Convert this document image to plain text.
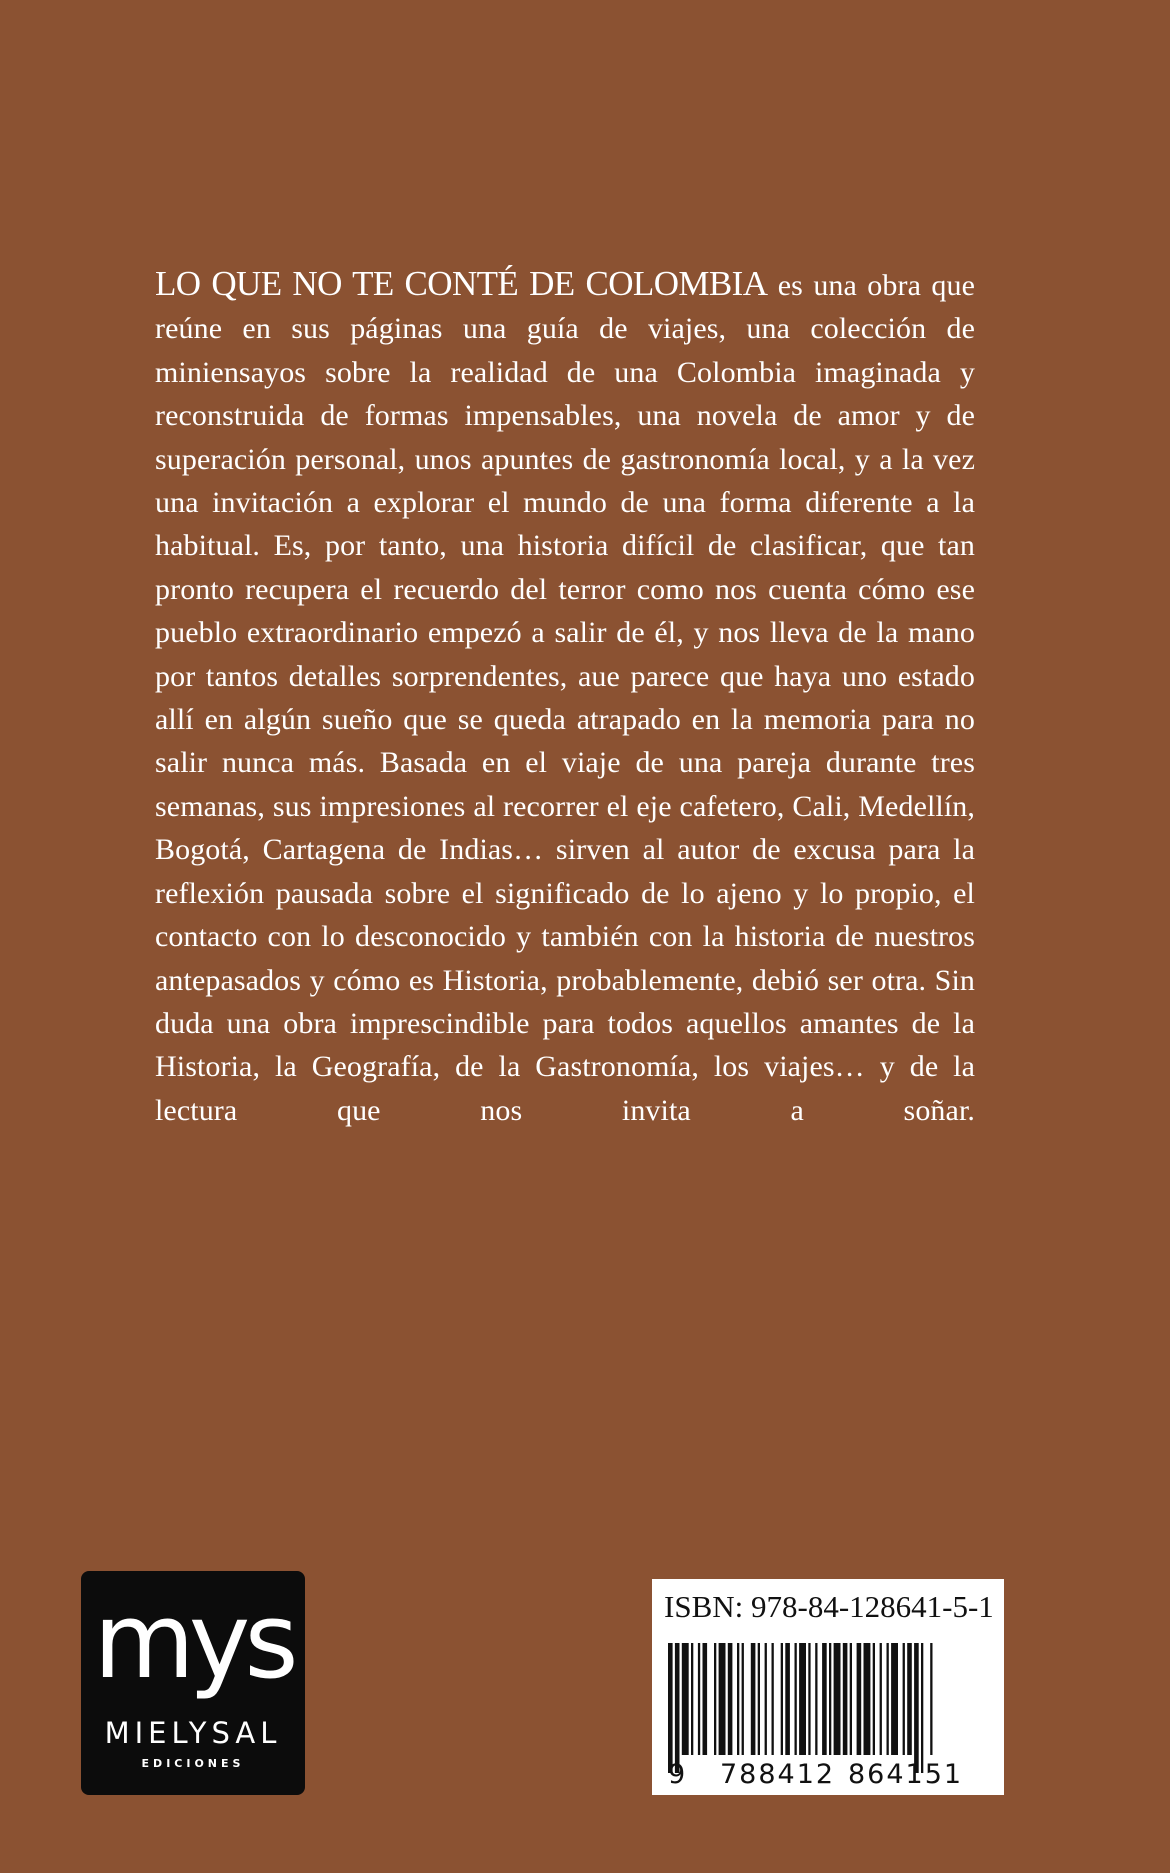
LO QUE NO TE CONTÉ DE COLOMBIA es una obra que reúne en sus páginas una guía de viajes, una colección de miniensayos sobre la realidad de una Colombia imaginada y reconstruida de formas impensables, una novela de amor y de superación personal, unos apuntes de gastronomía local, y a la vez una invitación a explorar el mundo de una forma diferente a la habitual. Es, por tanto, una historia difícil de clasificar, que tan pronto recupera el recuerdo del terror como nos cuenta cómo ese pueblo extraordinario empezó a salir de él, y nos lleva de la mano por tantos detalles sorprendentes, aue parece que haya uno estado allí en algún sueño que se queda atrapado en la memoria para no salir nunca más. Basada en el viaje de una pareja durante tres semanas, sus impresiones al recorrer el eje cafetero, Cali, Medellín, Bogotá, Cartagena de Indias… sirven al autor de excusa para la reflexión pausada sobre el significado de lo ajeno y lo propio, el contacto con lo desconocido y también con la historia de nuestros antepasados y cómo es Historia, probablemente, debió ser otra. Sin duda una obra imprescindible para todos aquellos amantes de la Historia, la Geografía, de la Gastronomía, los viajes… y de la lectura que nos invita a soñar.

mys
MIELYSAL
EDICIONES
ISBN: 978-84-128641-5-1
9 788412 864151
